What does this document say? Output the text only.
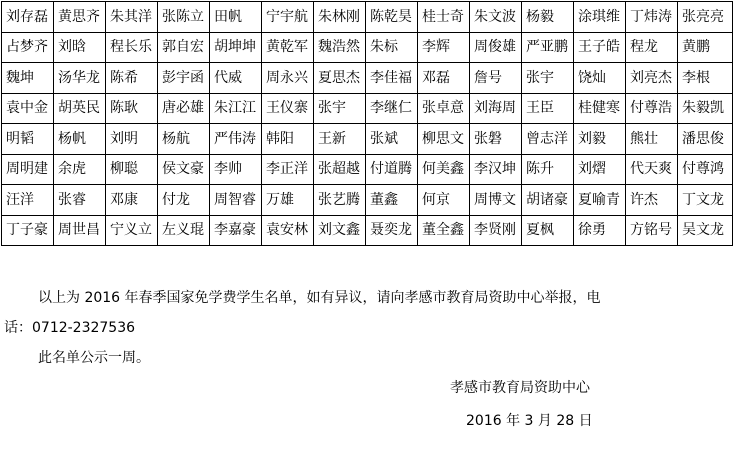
刘存磊	黄思齐	朱其洋	张陈立	田帆	宁宇航	朱林刚	陈乾昊	桂士奇	朱文波	杨毅	涂琪维	丁炜涛	张亮亮
占梦齐	刘晗	程长乐	郭自宏	胡坤坤	黄乾军	魏浩然	朱标	李辉	周俊雄	严亚鹏	王子皓	程龙	黄鹏
魏坤	汤华龙	陈希	彭宇函	代威	周永兴	夏思杰	李佳福	邓磊	詹号	张宇	饶灿	刘亮杰	李根
袁中金	胡英民	陈耿	唐必雄	朱江江	王仪寨	张宇	李继仁	张卓意	刘海周	王臣	桂健寒	付尊浩	朱毅凯
明韬	杨帆	刘明	杨航	严伟涛	韩阳	王新	张斌	柳思文	张磐	曾志洋	刘毅	熊壮	潘思俊
周明建	余虎	柳聪	侯文豪	李帅	李正洋	张超越	付道腾	何美鑫	李汉坤	陈升	刘熠	代天爽	付尊鸿
汪洋	张睿	邓康	付龙	周智睿	万雄	张艺腾	董鑫	何京	周博文	胡诸豪	夏喻青	许杰	丁文龙
丁子豪	周世昌	宁义立	左义琨	李嘉豪	袁安林	刘文鑫	聂奕龙	董全鑫	李贤刚	夏枫	徐勇	方铭号	吴文龙
以上为 2016 年春季国家免学费学生名单，如有异议，请向孝感市教育局资助中心举报，电
话：0712-2327536
此名单公示一周。
孝感市教育局资助中心
2016 年 3 月 28 日
